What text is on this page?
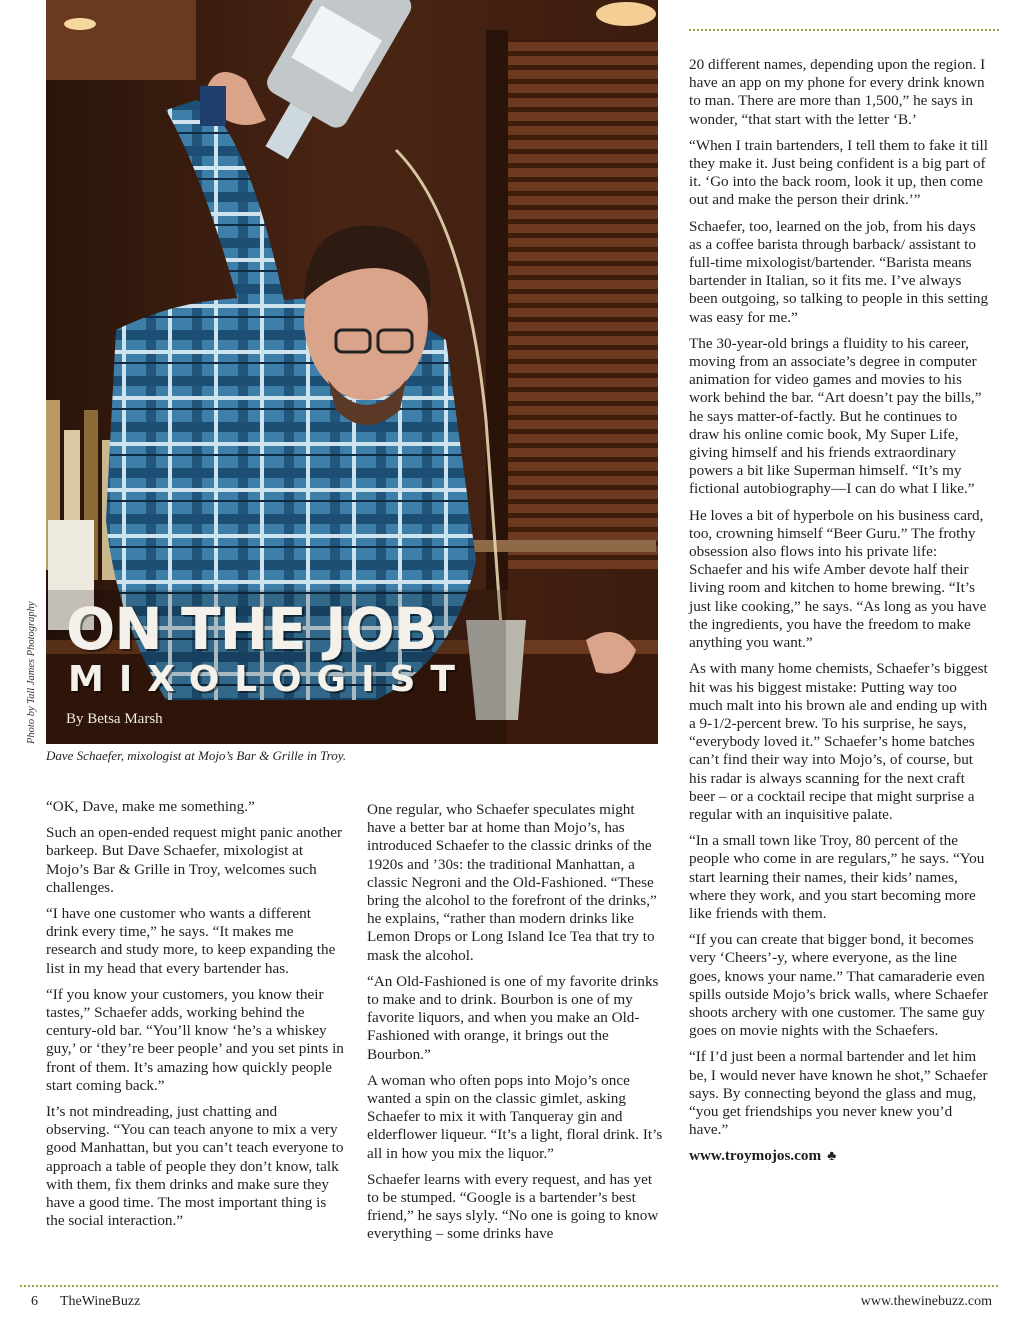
ON THE JOB
MIXOLOGIST
By Betsa Marsh
Photo by Tall James Photography
Dave Schaefer, mixologist at Mojo’s Bar & Grille in Troy.

“OK, Dave, make me something.”

Such an open-ended request might panic another barkeep. But Dave Schaefer, mixologist at Mojo’s Bar & Grille in Troy, welcomes such challenges.

“I have one customer who wants a different drink every time,” he says. “It makes me research and study more, to keep expanding the list in my head that every bartender has.

“If you know your customers, you know their tastes,” Schaefer adds, working behind the century-old bar. “You’ll know ‘he’s a whiskey guy,’ or ‘they’re beer people’ and you set pints in front of them. It’s amazing how quickly people start coming back.”

It’s not mindreading, just chatting and observing. “You can teach anyone to mix a very good Manhattan, but you can’t teach everyone to approach a table of people they don’t know, talk with them, fix them drinks and make sure they have a good time. The most important thing is the social interaction.”

One regular, who Schaefer speculates might have a better bar at home than Mojo’s, has introduced Schaefer to the classic drinks of the 1920s and ’30s: the traditional Manhattan, a classic Negroni and the Old-Fashioned. “These bring the alcohol to the forefront of the drinks,” he explains, “rather than modern drinks like Lemon Drops or Long Island Ice Tea that try to mask the alcohol.

“An Old-Fashioned is one of my favorite drinks to make and to drink. Bourbon is one of my favorite liquors, and when you make an Old-Fashioned with orange, it brings out the Bourbon.”

A woman who often pops into Mojo’s once wanted a spin on the classic gimlet, asking Schaefer to mix it with Tanqueray gin and elderflower liqueur. “It’s a light, floral drink. It’s all in how you mix the liquor.”

Schaefer learns with every request, and has yet to be stumped. “Google is a bartender’s best friend,” he says slyly. “No one is going to know everything – some drinks have

20 different names, depending upon the region. I have an app on my phone for every drink known to man. There are more than 1,500,” he says in wonder, “that start with the letter ‘B.’

“When I train bartenders, I tell them to fake it till they make it. Just being confident is a big part of it. ‘Go into the back room, look it up, then come out and make the person their drink.’”

Schaefer, too, learned on the job, from his days as a coffee barista through barback/ assistant to full-time mixologist/bartender. “Barista means bartender in Italian, so it fits me. I’ve always been outgoing, so talking to people in this setting was easy for me.”

The 30-year-old brings a fluidity to his career, moving from an associate’s degree in computer animation for video games and movies to his work behind the bar. “Art doesn’t pay the bills,” he says matter-of-factly. But he continues to draw his online comic book, My Super Life, giving himself and his friends extraordinary powers a bit like Superman himself. “It’s my fictional autobiography—I can do what I like.”

He loves a bit of hyperbole on his business card, too, crowning himself “Beer Guru.” The frothy obsession also flows into his private life: Schaefer and his wife Amber devote half their living room and kitchen to home brewing. “It’s just like cooking,” he says. “As long as you have the ingredients, you have the freedom to make anything you want.”

As with many home chemists, Schaefer’s biggest hit was his biggest mistake: Putting way too much malt into his brown ale and ending up with a 9-1/2-percent brew. To his surprise, he says, “everybody loved it.” Schaefer’s home batches can’t find their way into Mojo’s, of course, but his radar is always scanning for the next craft beer – or a cocktail recipe that might surprise a regular with an inquisitive palate.

“In a small town like Troy, 80 percent of the people who come in are regulars,” he says. “You start learning their names, their kids’ names, where they work, and you start becoming more like friends with them.

“If you can create that bigger bond, it becomes very ‘Cheers’-y, where everyone, as the line goes, knows your name.” That camaraderie even spills outside Mojo’s brick walls, where Schaefer shoots archery with one customer. The same guy goes on movie nights with the Schaefers.

“If I’d just been a normal bartender and let him be, I would never have known he shot,” Schaefer says. By connecting beyond the glass and mug, “you get friendships you never knew you’d have.”

www.troymojos.com ♣

6 TheWineBuzz	www.thewinebuzz.com
